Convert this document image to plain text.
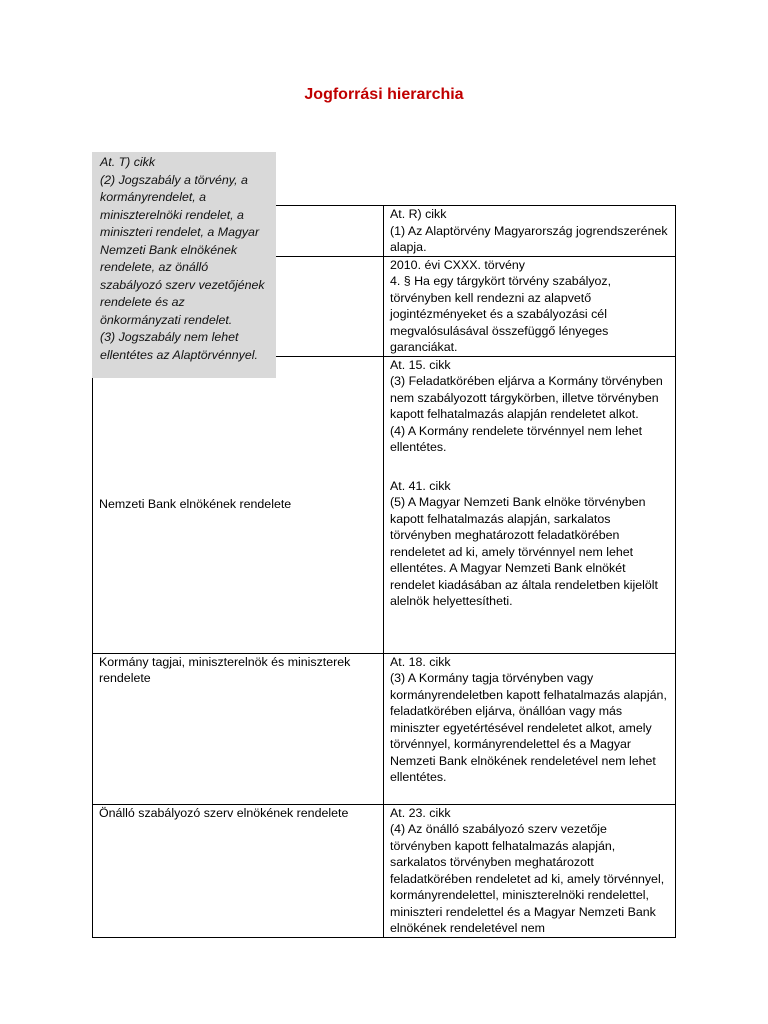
Jogforrási hierarchia

	At. R) cikk
(1) Az Alaptörvény Magyarország jogrendszerének alapja.

	2010. évi CXXX. törvény
4. § Ha egy tárgykört törvény szabályoz, törvényben kell rendezni az alapvető jogintézményeket és a szabályozási cél megvalósulásával összefüggő lényeges garanciákat.

Nemzeti Bank elnökének rendelete	At. 15. cikk
(3) Feladatkörében eljárva a Kormány törvényben nem szabályozott tárgykörben, illetve törvényben kapott felhatalmazás alapján rendeletet alkot.
(4) A Kormány rendelete törvénnyel nem lehet ellentétes.
At. 41. cikk
(5) A Magyar Nemzeti Bank elnöke törvényben kapott felhatalmazás alapján, sarkalatos törvényben meghatározott feladatkörében rendeletet ad ki, amely törvénnyel nem lehet ellentétes. A Magyar Nemzeti Bank elnökét rendelet kiadásában az általa rendeletben kijelölt alelnök helyettesítheti.

Kormány tagjai, miniszterelnök és miniszterek rendelete	At. 18. cikk
(3) A Kormány tagja törvényben vagy kormányrendeletben kapott felhatalmazás alapján, feladatkörében eljárva, önállóan vagy más miniszter egyetértésével rendeletet alkot, amely törvénnyel, kormányrendelettel és a Magyar Nemzeti Bank elnökének rendeletével nem lehet ellentétes.

Önálló szabályozó szerv elnökének rendelete	At. 23. cikk
(4) Az önálló szabályozó szerv vezetője törvényben kapott felhatalmazás alapján, sarkalatos törvényben meghatározott feladatkörében rendeletet ad ki, amely törvénnyel, kormányrendelettel, miniszterelnöki rendelettel, miniszteri rendelettel és a Magyar Nemzeti Bank elnökének rendeletével nem
At. T) cikk
(2) Jogszabály a törvény, a kormányrendelet, a miniszterelnöki rendelet, a miniszteri rendelet, a Magyar Nemzeti Bank elnökének rendelete, az önálló szabályozó szerv vezetőjének rendelete és az önkormányzati rendelet.
(3) Jogszabály nem lehet ellentétes az Alaptörvénnyel.
